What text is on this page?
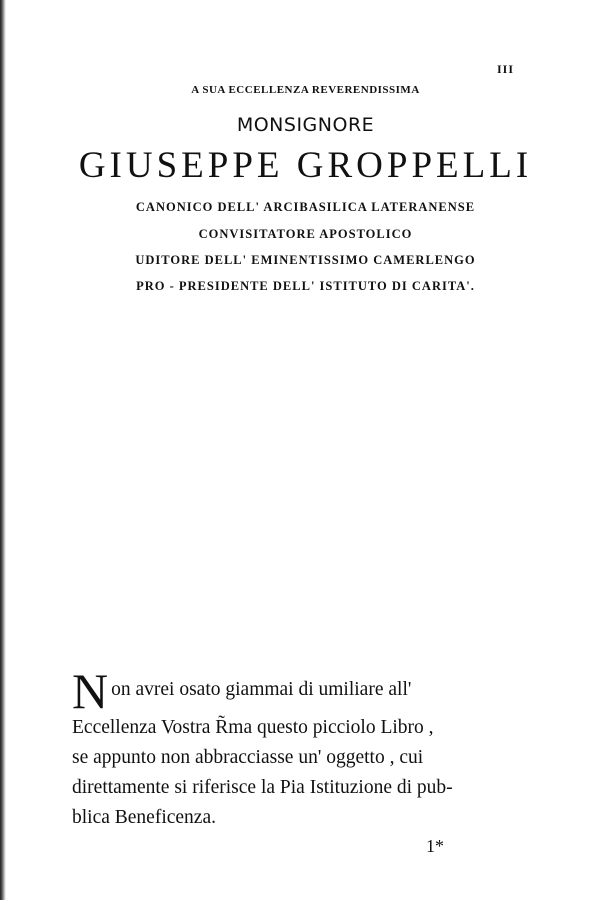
III
A SUA ECCELLENZA REVERENDISSIMA
MONSIGNORE
GIUSEPPE GROPPELLI
CANONICO DELL' ARCIBASILICA LATERANENSE
CONVISITATORE APOSTOLICO
UDITORE DELL' EMINENTISSIMO CAMERLENGO
PRO - PRESIDENTE DELL' ISTITUTO DI CARITA'.
N on avrei osato giammai di umiliare all'
Eccellenza Vostra R̃ma questo picciolo Libro ,
se appunto non abbracciasse un' oggetto , cui
direttamente si riferisce la Pia Istituzione di pub-
blica Beneficenza.
1*
